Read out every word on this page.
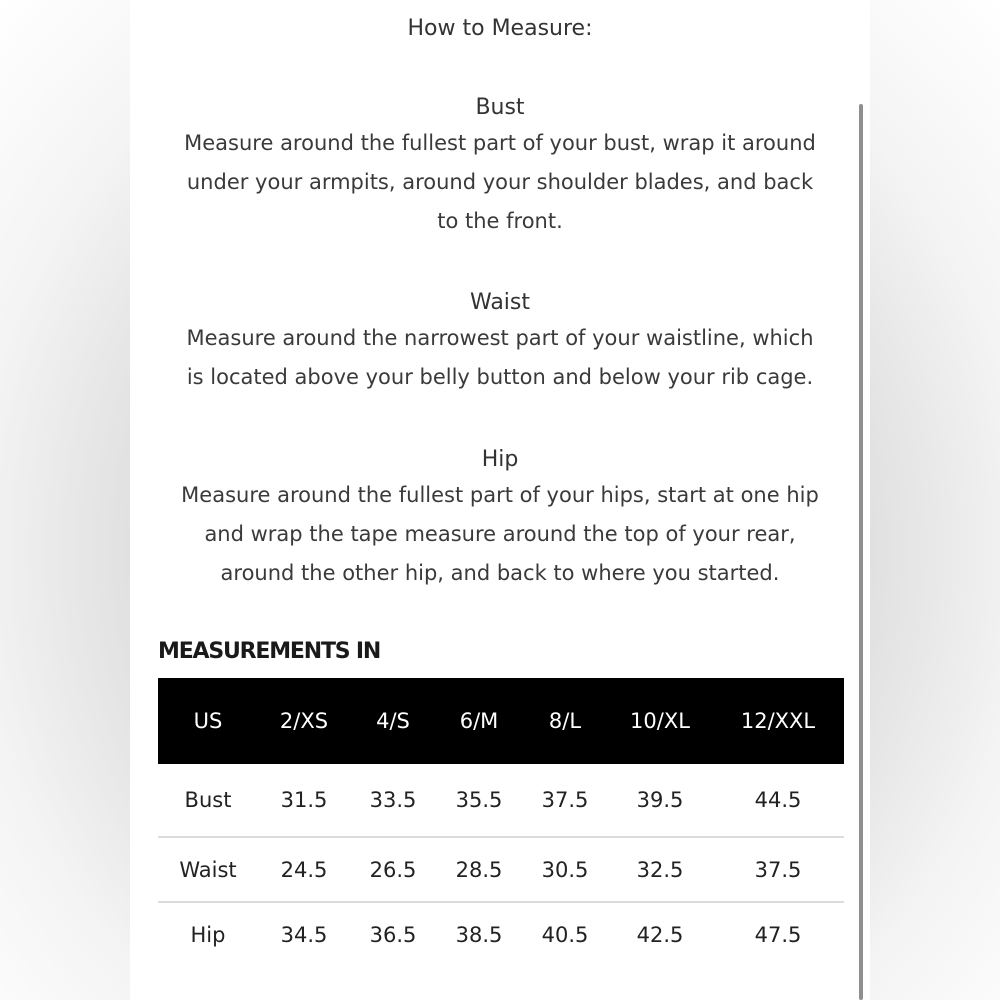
How to Measure:

Bust

Measure around the fullest part of your bust, wrap it around
under your armpits, around your shoulder blades, and back
to the front.

Waist

Measure around the narrowest part of your waistline, which
is located above your belly button and below your rib cage.

Hip

Measure around the fullest part of your hips, start at one hip
and wrap the tape measure around the top of your rear,
around the other hip, and back to where you started.

MEASUREMENTS IN
US	2/XS	4/S	6/M	8/L	10/XL	12/XXL
Bust	31.5	33.5	35.5	37.5	39.5	44.5
Waist	24.5	26.5	28.5	30.5	32.5	37.5
Hip	34.5	36.5	38.5	40.5	42.5	47.5
